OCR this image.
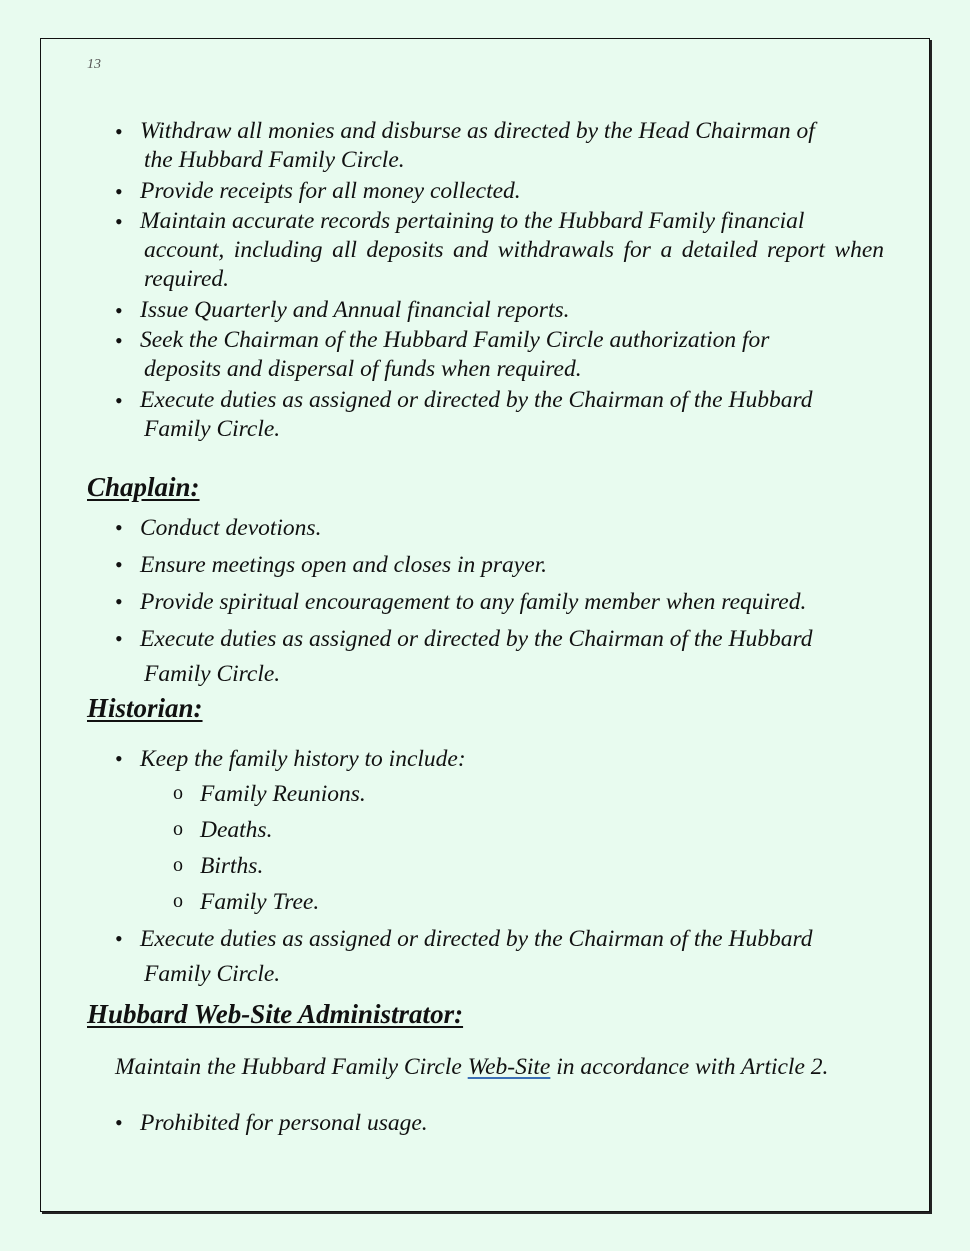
13
• Withdraw all monies and disburse as directed by the Head Chairman of
the Hubbard Family Circle.
• Provide receipts for all money collected.
• Maintain accurate records pertaining to the Hubbard Family financial
account, including all deposits and withdrawals for a detailed report when required.
• Issue Quarterly and Annual financial reports.
• Seek the Chairman of the Hubbard Family Circle authorization for
deposits and dispersal of funds when required.
• Execute duties as assigned or directed by the Chairman of the Hubbard
Family Circle.
Chaplain:
• Conduct devotions.
• Ensure meetings open and closes in prayer.
• Provide spiritual encouragement to any family member when required.
• Execute duties as assigned or directed by the Chairman of the Hubbard
Family Circle.
Historian:
• Keep the family history to include:
o Family Reunions.
o Deaths.
o Births.
o Family Tree.
• Execute duties as assigned or directed by the Chairman of the Hubbard
Family Circle.
Hubbard Web-Site Administrator:
Maintain the Hubbard Family Circle Web-Site in accordance with Article 2.
• Prohibited for personal usage.
